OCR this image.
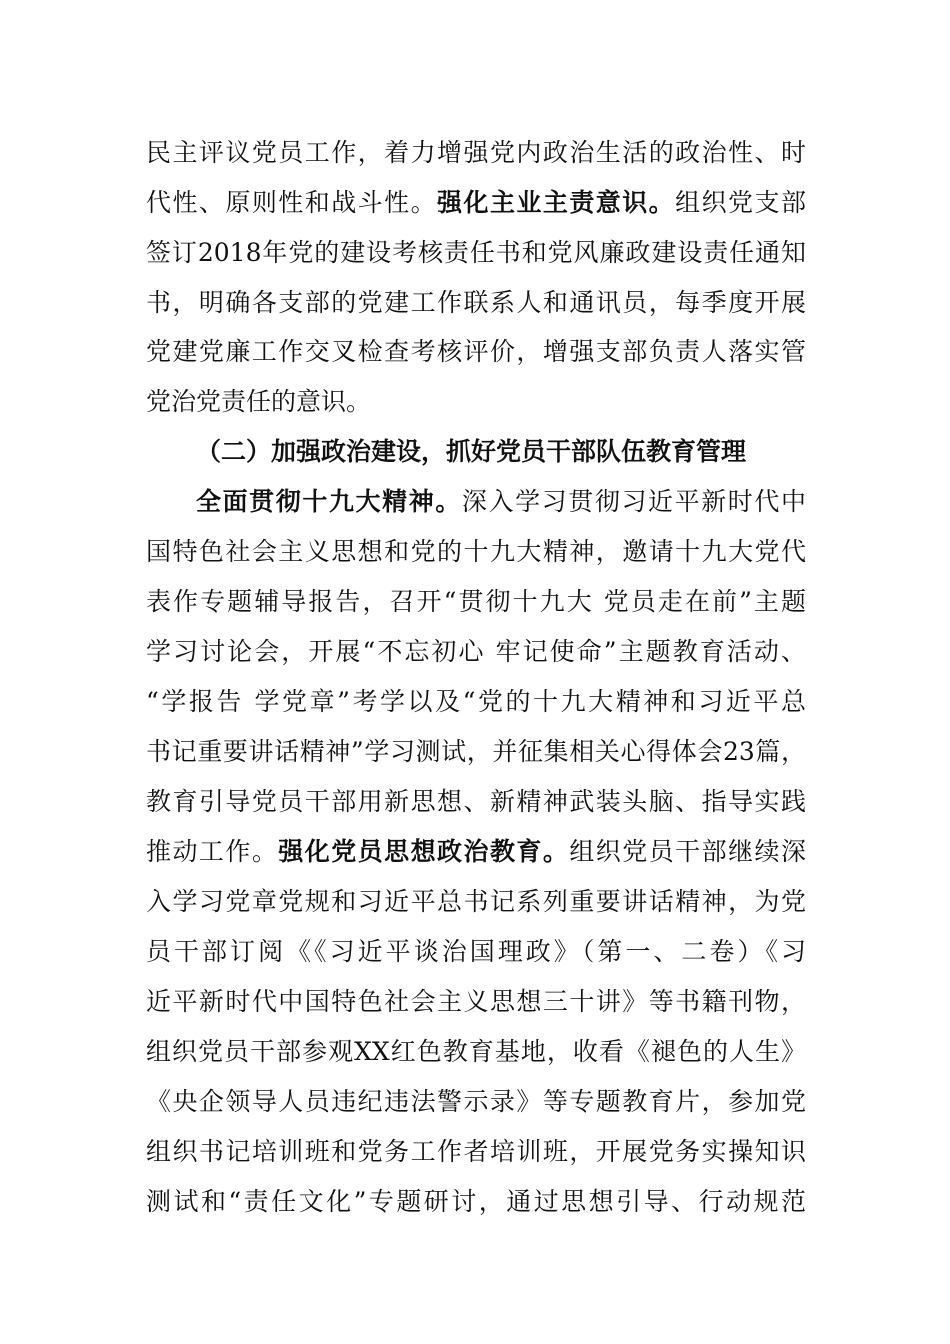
民主评议党员工作，着力增强党内政治生活的政治性、时
代性、原则性和战斗性。强化主业主责意识。组织党支部
签订2018年党的建设考核责任书和党风廉政建设责任通知
书，明确各支部的党建工作联系人和通讯员，每季度开展
党建党廉工作交叉检查考核评价，增强支部负责人落实管
党治党责任的意识。
（二）加强政治建设，抓好党员干部队伍教育管理
全面贯彻十九大精神。深入学习贯彻习近平新时代中
国特色社会主义思想和党的十九大精神，邀请十九大党代
表作专题辅导报告，召开“贯彻十九大 党员走在前”主题
学习讨论会，开展“不忘初心 牢记使命”主题教育活动、
“学报告 学党章”考学以及“党的十九大精神和习近平总
书记重要讲话精神”学习测试，并征集相关心得体会23篇，
教育引导党员干部用新思想、新精神武装头脑、指导实践
推动工作。强化党员思想政治教育。组织党员干部继续深
入学习党章党规和习近平总书记系列重要讲话精神，为党
员干部订阅《《习近平谈治国理政》（第一、二卷）《习
近平新时代中国特色社会主义思想三十讲》等书籍刊物，
组织党员干部参观XX红色教育基地，收看《褪色的人生》
《央企领导人员违纪违法警示录》等专题教育片，参加党
组织书记培训班和党务工作者培训班，开展党务实操知识
测试和“责任文化”专题研讨，通过思想引导、行动规范
